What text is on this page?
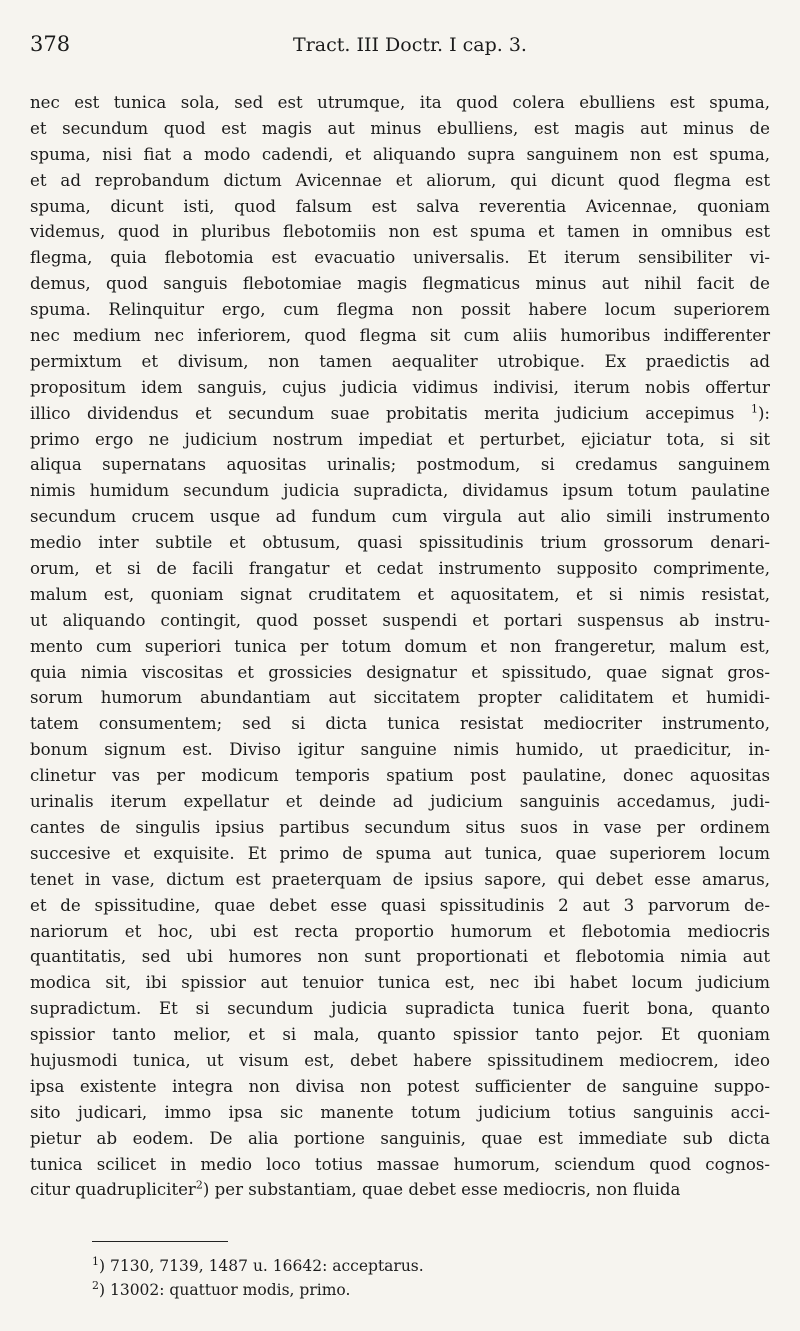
378	Tract. III Doctr. I cap. 3.
nec est tunica sola, sed est utrumque, ita quod colera ebulliens est spuma,
et secundum quod est magis aut minus ebulliens, est magis aut minus de
spuma, nisi fiat a modo cadendi, et aliquando supra sanguinem non est spuma,
et ad reprobandum dictum Avicennae et aliorum, qui dicunt quod flegma est
spuma, dicunt isti, quod falsum est salva reverentia Avicennae, quoniam
videmus, quod in pluribus flebotomiis non est spuma et tamen in omnibus est
flegma, quia flebotomia est evacuatio universalis. Et iterum sensibiliter vi-
demus, quod sanguis flebotomiae magis flegmaticus minus aut nihil facit de
spuma. Relinquitur ergo, cum flegma non possit habere locum superiorem
nec medium nec inferiorem, quod flegma sit cum aliis humoribus indifferenter
permixtum et divisum, non tamen aequaliter utrobique. Ex praedictis ad
propositum idem sanguis, cujus judicia vidimus indivisi, iterum nobis offertur
illico dividendus et secundum suae probitatis merita judicium accepimus $^1$):
primo ergo ne judicium nostrum impediat et perturbet, ejiciatur tota, si sit
aliqua supernatans aquositas urinalis; postmodum, si credamus sanguinem
nimis humidum secundum judicia supradicta, dividamus ipsum totum paulatine
secundum crucem usque ad fundum cum virgula aut alio simili instrumento
medio inter subtile et obtusum, quasi spissitudinis trium grossorum denari-
orum, et si de facili frangatur et cedat instrumento supposito comprimente,
malum est, quoniam signat cruditatem et aquositatem, et si nimis resistat,
ut aliquando contingit, quod posset suspendi et portari suspensus ab instru-
mento cum superiori tunica per totum domum et non frangeretur, malum est,
quia nimia viscositas et grossicies designatur et spissitudo, quae signat gros-
sorum humorum abundantiam aut siccitatem propter caliditatem et humidi-
tatem consumentem; sed si dicta tunica resistat mediocriter instrumento,
bonum signum est. Diviso igitur sanguine nimis humido, ut praedicitur, in-
clinetur vas per modicum temporis spatium post paulatine, donec aquositas
urinalis iterum expellatur et deinde ad judicium sanguinis accedamus, judi-
cantes de singulis ipsius partibus secundum situs suos in vase per ordinem
succesive et exquisite. Et primo de spuma aut tunica, quae superiorem locum
tenet in vase, dictum est praeterquam de ipsius sapore, qui debet esse amarus,
et de spissitudine, quae debet esse quasi spissitudinis 2 aut 3 parvorum de-
nariorum et hoc, ubi est recta proportio humorum et flebotomia mediocris
quantitatis, sed ubi humores non sunt proportionati et flebotomia nimia aut
modica sit, ibi spissior aut tenuior tunica est, nec ibi habet locum judicium
supradictum. Et si secundum judicia supradicta tunica fuerit bona, quanto
spissior tanto melior, et si mala, quanto spissior tanto pejor. Et quoniam
hujusmodi tunica, ut visum est, debet habere spissitudinem mediocrem, ideo
ipsa existente integra non divisa non potest sufficienter de sanguine suppo-
sito judicari, immo ipsa sic manente totum judicium totius sanguinis acci-
pietur ab eodem. De alia portione sanguinis, quae est immediate sub dicta
tunica scilicet in medio loco totius massae humorum, sciendum quod cognos-
citur quadrupliciter$^2$) per substantiam, quae debet esse mediocris, non fluida
$^1$) 7130, 7139, 1487 u. 16642: acceptarus.
$^2$) 13002: quattuor modis, primo.
